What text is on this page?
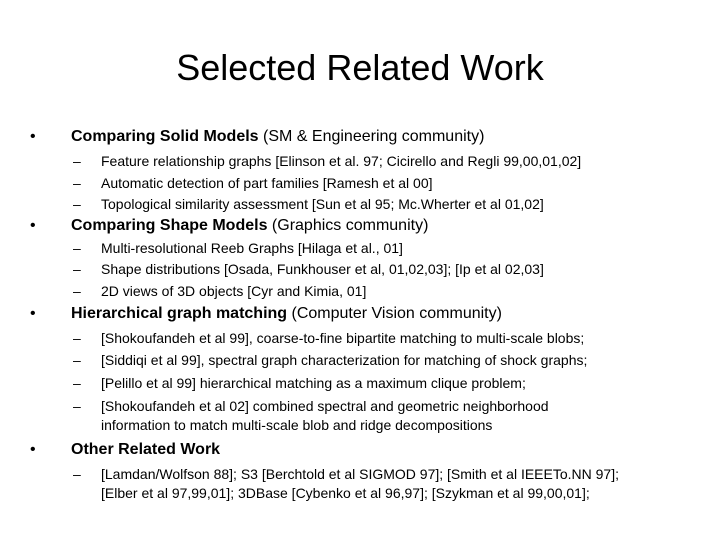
Selected Related Work
•	Comparing Solid Models (SM & Engineering community)
– Feature relationship graphs [Elinson et al. 97; Cicirello and Regli 99,00,01,02]
– Automatic detection of part families [Ramesh et al 00]
– Topological similarity assessment [Sun et al 95; Mc.Wherter et al 01,02]
•	Comparing Shape Models (Graphics community)
– Multi-resolutional Reeb Graphs [Hilaga et al., 01]
– Shape distributions [Osada, Funkhouser et al, 01,02,03]; [Ip et al 02,03]
– 2D views of 3D objects [Cyr and Kimia, 01]
•	Hierarchical graph matching (Computer Vision community)
– [Shokoufandeh et al 99], coarse-to-fine bipartite matching to multi-scale blobs;
– [Siddiqi et al 99], spectral graph characterization for matching of shock graphs;
– [Pelillo et al 99] hierarchical matching as a maximum clique problem;
– [Shokoufandeh et al 02] combined spectral and geometric neighborhood
information to match multi-scale blob and ridge decompositions
•	Other Related Work
– [Lamdan/Wolfson 88]; S3 [Berchtold et al SIGMOD 97]; [Smith et al IEEETo.NN 97];
[Elber et al 97,99,01]; 3DBase [Cybenko et al 96,97]; [Szykman et al 99,00,01];
